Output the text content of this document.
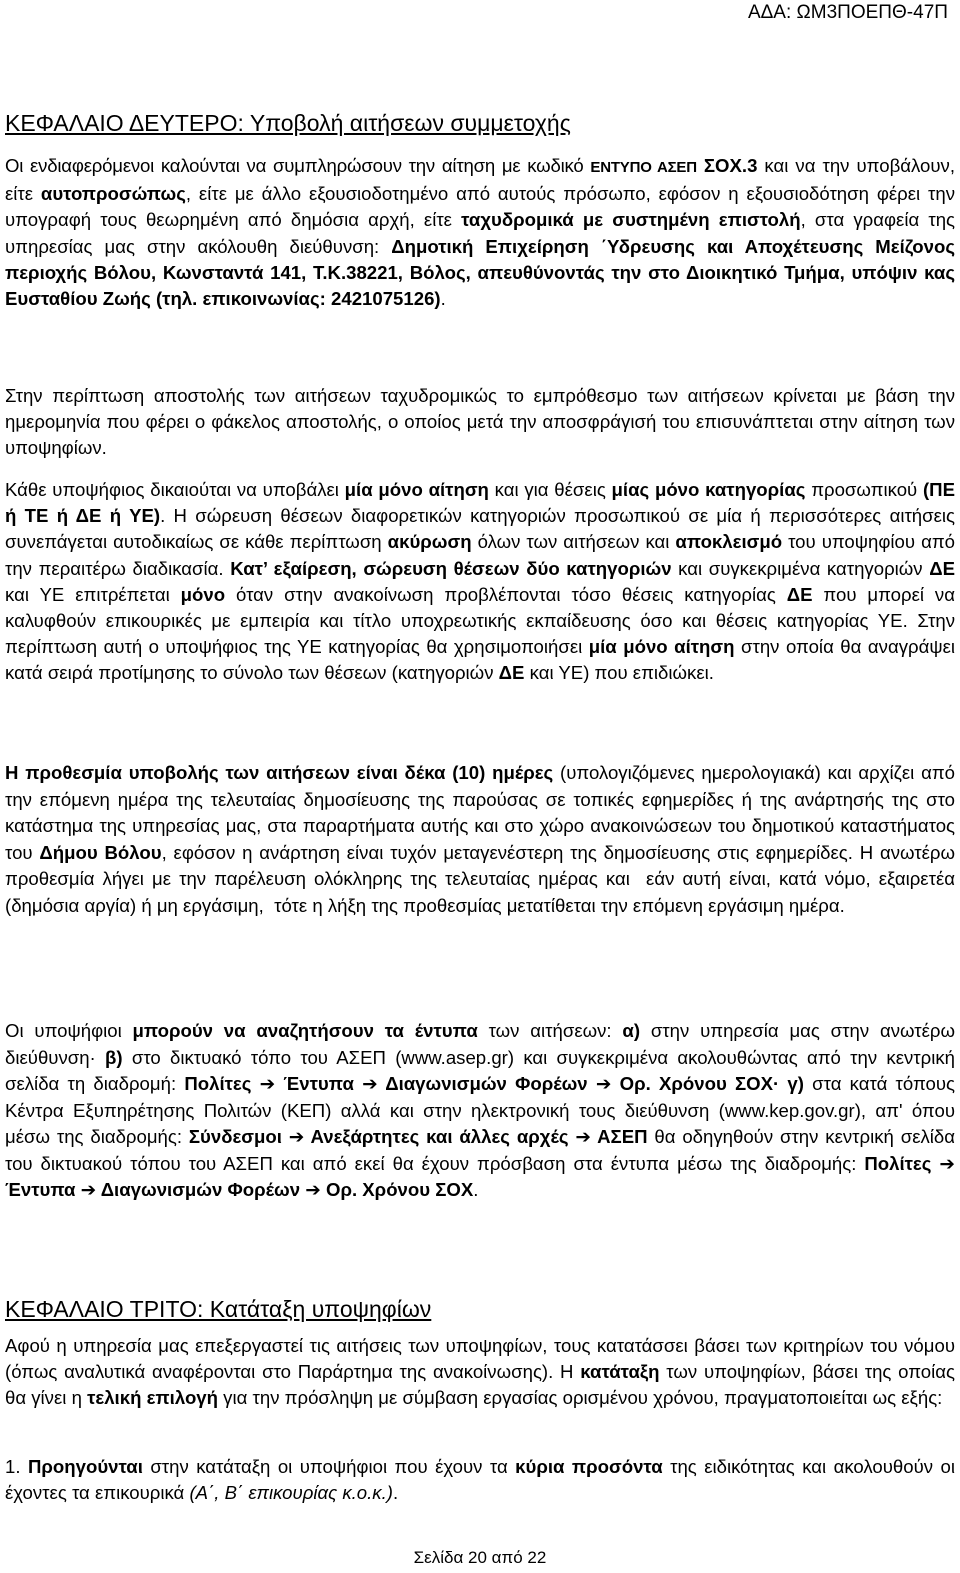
ΑΔΑ: ΩΜ3ΠΟΕΠΘ-47Π
ΚΕΦΑΛΑΙΟ ΔΕΥΤΕΡΟ: Υποβολή αιτήσεων συμμετοχής
Οι ενδιαφερόμενοι καλούνται να συμπληρώσουν την αίτηση με κωδικό ΕΝΤΥΠΟ ΑΣΕΠ ΣΟΧ.3 και να την υποβάλουν, είτε αυτοπροσώπως, είτε με άλλο εξουσιοδοτημένο από αυτούς πρόσωπο, εφόσον η εξουσιοδότηση φέρει την υπογραφή τους θεωρημένη από δημόσια αρχή, είτε ταχυδρομικά με συστημένη επιστολή, στα γραφεία της υπηρεσίας μας στην ακόλουθη διεύθυνση: Δημοτική Επιχείρηση ΄Υδρευσης και Αποχέτευσης Μείζονος περιοχής Βόλου, Κωνσταντά 141, Τ.Κ.38221, Βόλος, απευθύνοντάς την στο Διοικητικό Τμήμα, υπόψιν κας Ευσταθίου Ζωής (τηλ. επικοινωνίας: 2421075126).
Στην περίπτωση αποστολής των αιτήσεων ταχυδρομικώς το εμπρόθεσμο των αιτήσεων κρίνεται με βάση την ημερομηνία που φέρει ο φάκελος αποστολής, ο οποίος μετά την αποσφράγισή του επισυνάπτεται στην αίτηση των υποψηφίων.
Κάθε υποψήφιος δικαιούται να υποβάλει μία μόνο αίτηση και για θέσεις μίας μόνο κατηγορίας προσωπικού (ΠΕ ή ΤΕ ή ΔΕ ή ΥΕ). Η σώρευση θέσεων διαφορετικών κατηγοριών προσωπικού σε μία ή περισσότερες αιτήσεις συνεπάγεται αυτοδικαίως σε κάθε περίπτωση ακύρωση όλων των αιτήσεων και αποκλεισμό του υποψηφίου από την περαιτέρω διαδικασία. Κατ’ εξαίρεση, σώρευση θέσεων δύο κατηγοριών και συγκεκριμένα κατηγοριών ΔΕ και ΥΕ επιτρέπεται μόνο όταν στην ανακοίνωση προβλέπονται τόσο θέσεις κατηγορίας ΔΕ που μπορεί να καλυφθούν επικουρικές με εμπειρία και τίτλο υποχρεωτικής εκπαίδευσης όσο και θέσεις κατηγορίας ΥΕ. Στην περίπτωση αυτή ο υποψήφιος της ΥΕ κατηγορίας θα χρησιμοποιήσει μία μόνο αίτηση στην οποία θα αναγράψει κατά σειρά προτίμησης το σύνολο των θέσεων (κατηγοριών ΔΕ και ΥΕ) που επιδιώκει.
Η προθεσμία υποβολής των αιτήσεων είναι δέκα (10) ημέρες (υπολογιζόμενες ημερολογιακά) και αρχίζει από την επόμενη ημέρα της τελευταίας δημοσίευσης της παρούσας σε τοπικές εφημερίδες ή της ανάρτησής της στο κατάστημα της υπηρεσίας μας, στα παραρτήματα αυτής και στο χώρο ανακοινώσεων του δημοτικού καταστήματος του Δήμου Βόλου, εφόσον η ανάρτηση είναι τυχόν μεταγενέστερη της δημοσίευσης στις εφημερίδες. Η ανωτέρω προθεσμία λήγει με την παρέλευση ολόκληρης της τελευταίας ημέρας και  εάν αυτή είναι, κατά νόμο, εξαιρετέα (δημόσια αργία) ή μη εργάσιμη,  τότε η λήξη της προθεσμίας μετατίθεται την επόμενη εργάσιμη ημέρα.
Οι υποψήφιοι μπορούν να αναζητήσουν τα έντυπα των αιτήσεων: α) στην υπηρεσία μας στην ανωτέρω διεύθυνση· β) στο δικτυακό τόπο του ΑΣΕΠ (www.asep.gr) και συγκεκριμένα ακολουθώντας από την κεντρική σελίδα τη διαδρομή: Πολίτες ➔ Έντυπα ➔ Διαγωνισμών Φορέων ➔ Ορ. Χρόνου ΣΟΧ· γ) στα κατά τόπους Κέντρα Εξυπηρέτησης Πολιτών (ΚΕΠ) αλλά και στην ηλεκτρονική τους διεύθυνση (www.kep.gov.gr), απ' όπου μέσω της διαδρομής: Σύνδεσμοι ➔ Ανεξάρτητες και άλλες αρχές ➔ ΑΣΕΠ θα οδηγηθούν στην κεντρική σελίδα του δικτυακού τόπου του ΑΣΕΠ και από εκεί θα έχουν πρόσβαση στα έντυπα μέσω της διαδρομής: Πολίτες ➔ Έντυπα ➔ Διαγωνισμών Φορέων ➔ Ορ. Χρόνου ΣΟΧ.
ΚΕΦΑΛΑΙΟ ΤΡΙΤΟ: Κατάταξη υποψηφίων
Αφού η υπηρεσία μας επεξεργαστεί τις αιτήσεις των υποψηφίων, τους κατατάσσει βάσει των κριτηρίων του νόμου (όπως αναλυτικά αναφέρονται στο Παράρτημα της ανακοίνωσης). Η κατάταξη των υποψηφίων, βάσει της οποίας θα γίνει η τελική επιλογή για την πρόσληψη με σύμβαση εργασίας ορισμένου χρόνου, πραγματοποιείται ως εξής:
1. Προηγούνται στην κατάταξη οι υποψήφιοι που έχουν τα κύρια προσόντα της ειδικότητας και ακολουθούν οι έχοντες τα επικουρικά (Α΄, Β΄ επικουρίας κ.ο.κ.).
Σελίδα 20 από 22
